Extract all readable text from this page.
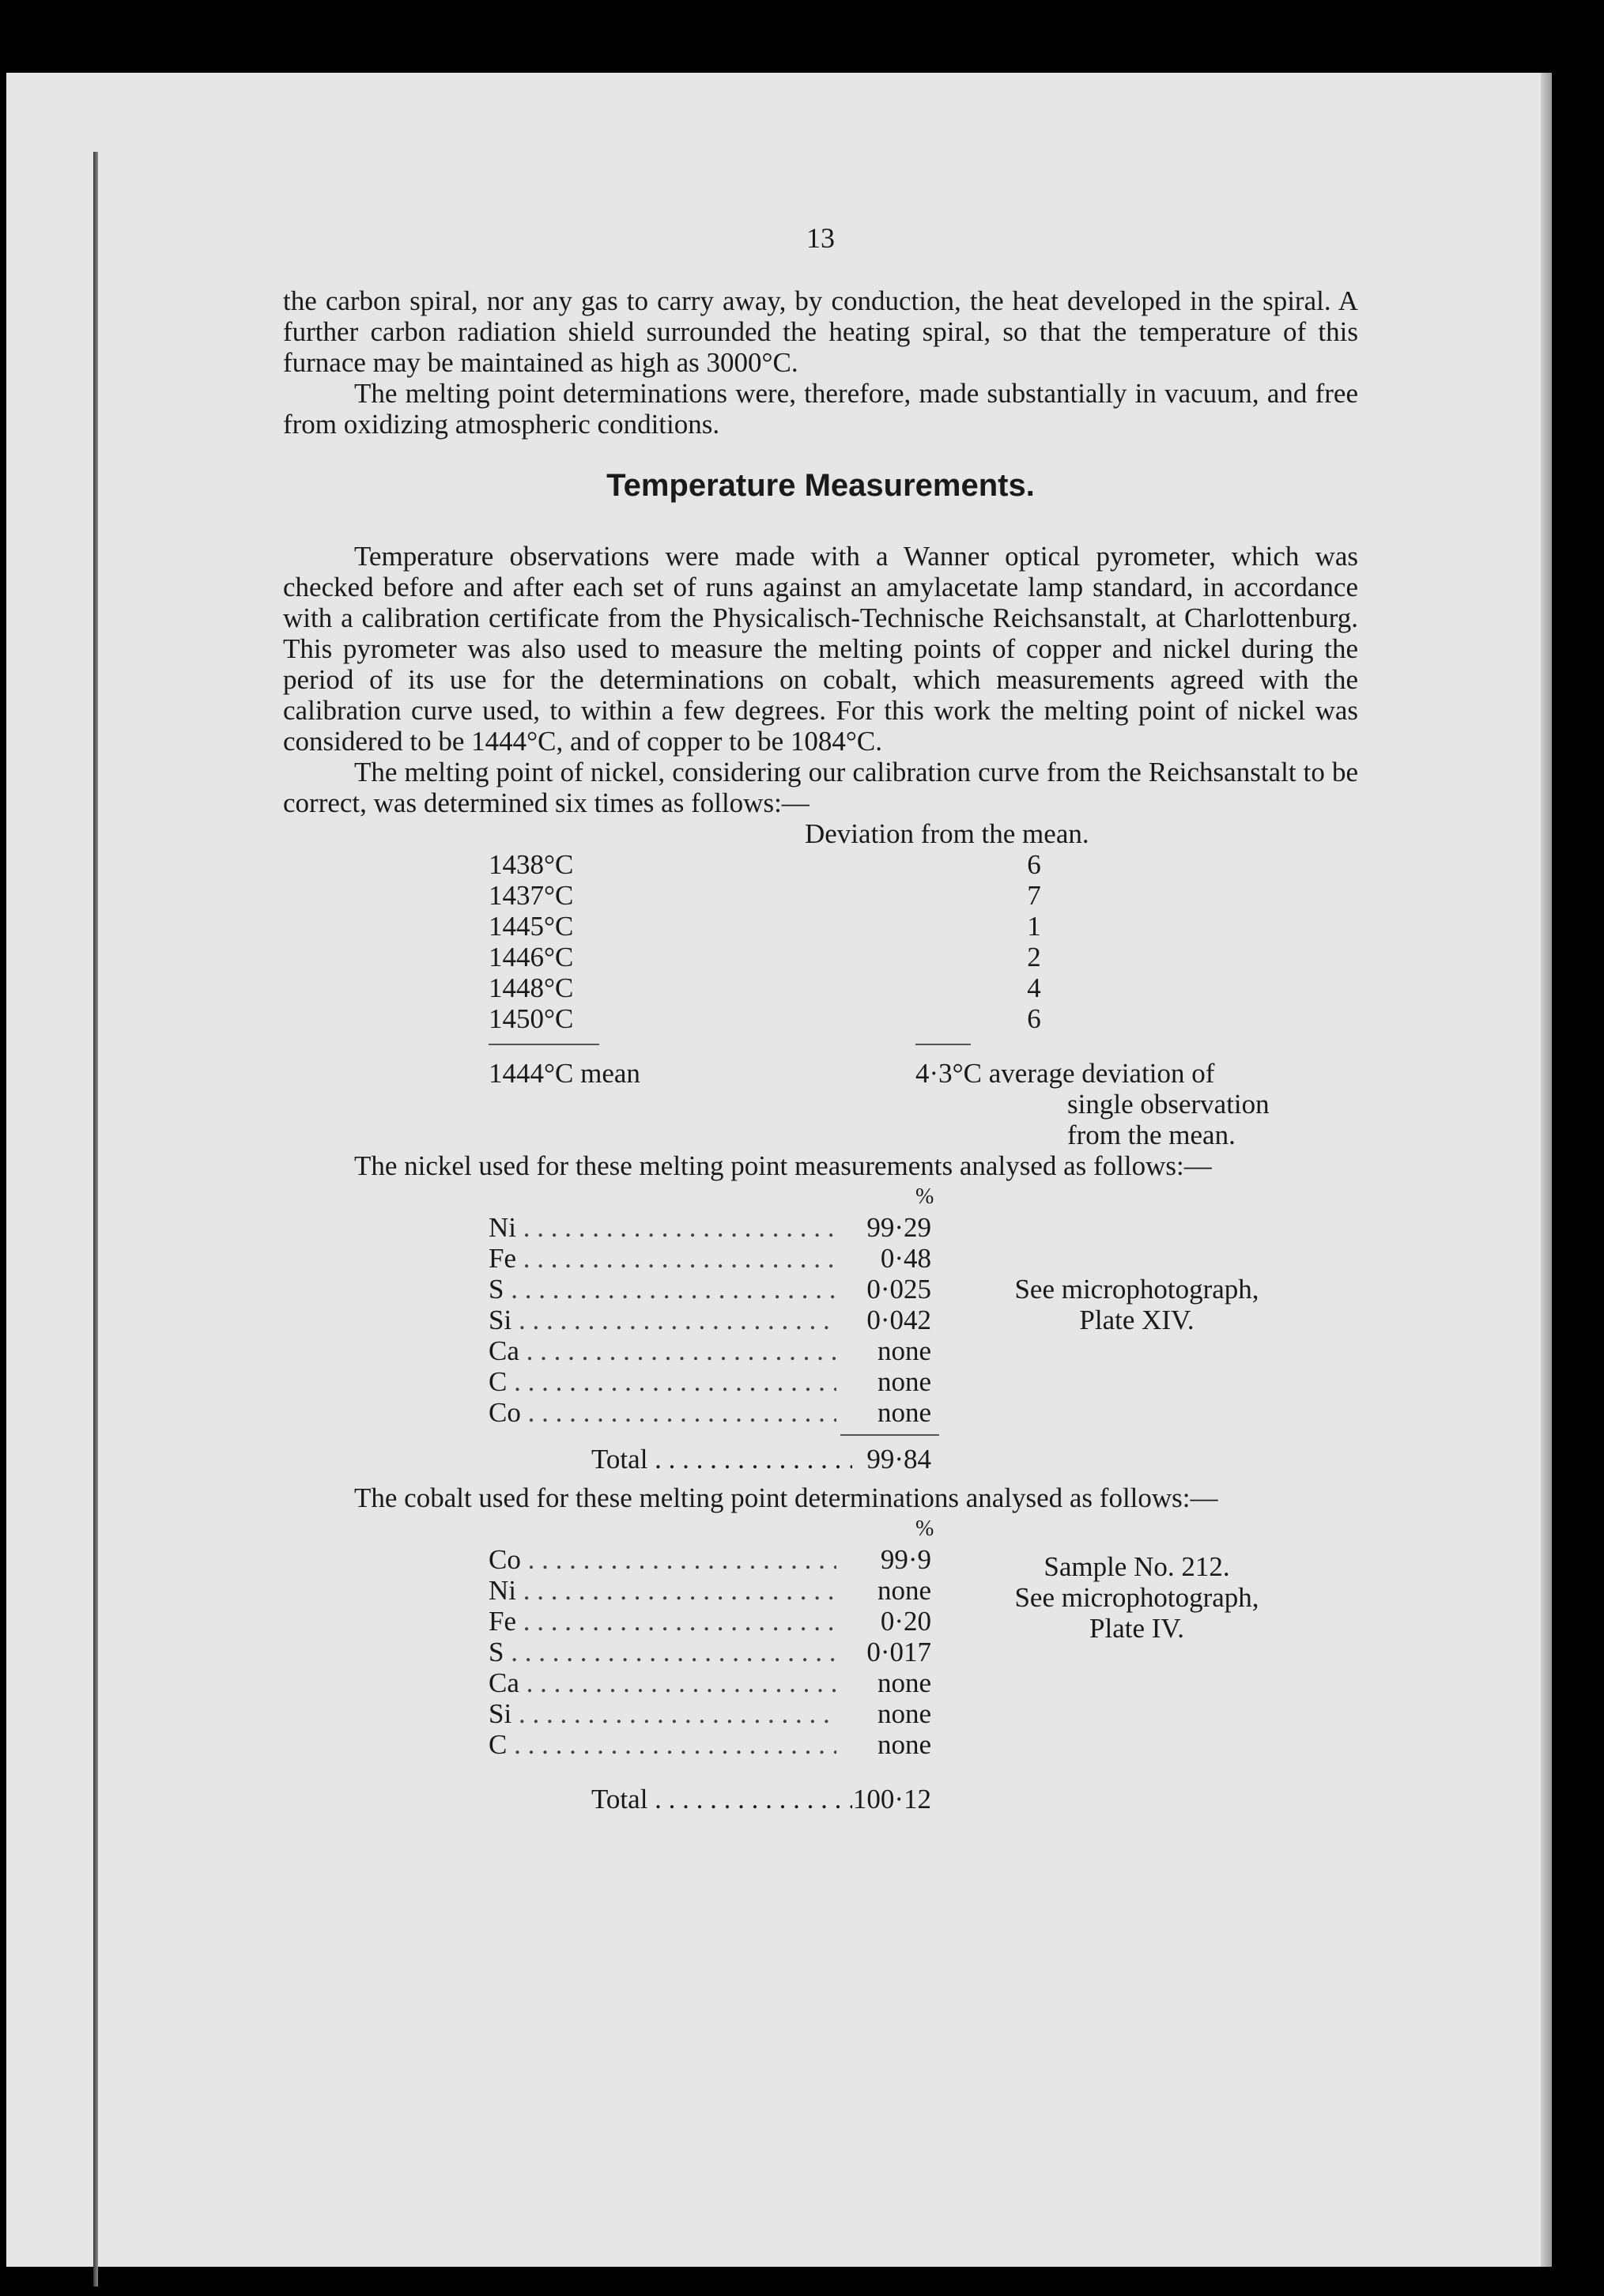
13

the carbon spiral, nor any gas to carry away, by conduction, the heat developed in the spiral. A further carbon radiation shield surrounded the heating spiral, so that the temperature of this furnace may be maintained as high as 3000°C.

The melting point determinations were, therefore, made substantially in vacuum, and free from oxidizing atmospheric conditions.

Temperature Measurements.

Temperature observations were made with a Wanner optical pyrometer, which was checked before and after each set of runs against an amylacetate lamp standard, in accordance with a calibration certificate from the Physicalisch-Technische Reichsanstalt, at Charlottenburg. This pyrometer was also used to measure the melting points of copper and nickel during the period of its use for the determinations on cobalt, which measurements agreed with the calibration curve used, to within a few degrees. For this work the melting point of nickel was considered to be 1444°C, and of copper to be 1084°C.

The melting point of nickel, considering our calibration curve from the Reichsanstalt to be correct, was determined six times as follows:—

Deviation from the mean.
1438°C	6
1437°C	7
1445°C	1
1446°C	2
1448°C	4
1450°C	6
1444°C mean	4·3°C average deviation of
single observation
from the mean.

The nickel used for these melting point measurements analysed as follows:—

%
Ni . . .	99·29
Fe . . .	0·48
S . . .	0·025
Si . . .	0·042
Ca . . .	none
C . . .	none
Co . . .	none
Total . . .	99·84
See microphotograph,
Plate XIV.

The cobalt used for these melting point determinations analysed as follows:—

%
Co . . .	99·9
Ni . . .	none
Fe . . .	0·20
S . . .	0·017
Ca . . .	none
Si . . .	none
C . . .	none
Total . . .	100·12
Sample No. 212.
See microphotograph,
Plate IV.
